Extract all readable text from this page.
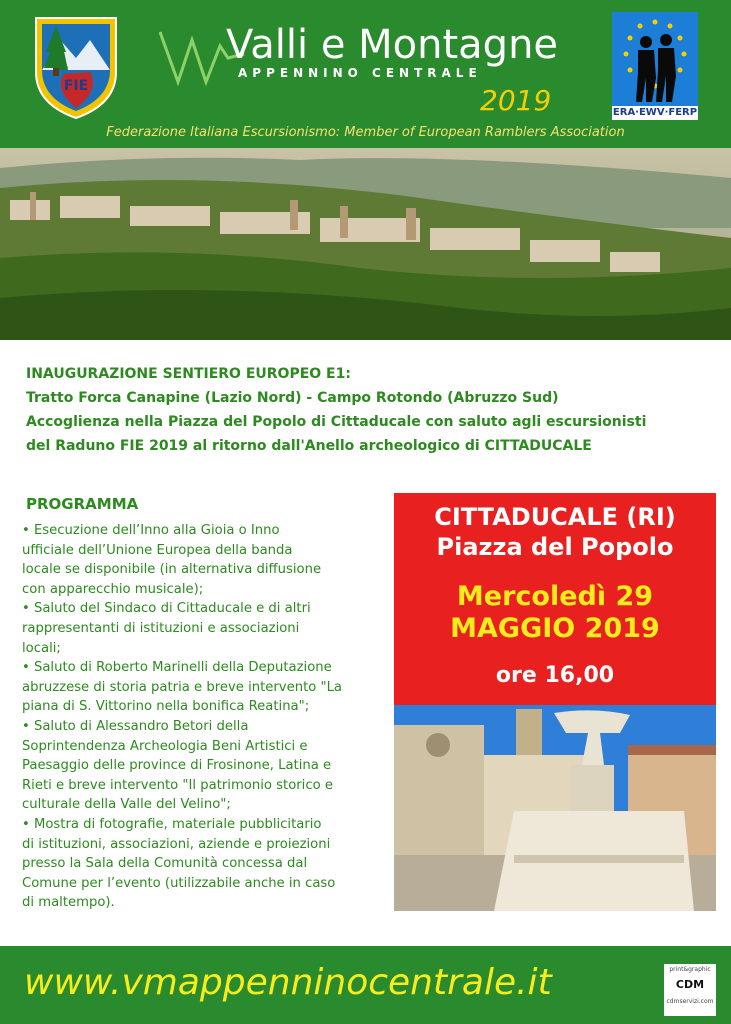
FIE
Valli e Montagne
APPENNINO CENTRALE
2019	ERA·EWV·FERP
Federazione Italiana Escursionismo: Member of European Ramblers Association
INAUGURAZIONE SENTIERO EUROPEO E1:
Tratto Forca Canapine (Lazio Nord) - Campo Rotondo (Abruzzo Sud)
Accoglienza nella Piazza del Popolo di Cittaducale con saluto agli escursionisti
del Raduno FIE 2019 al ritorno dall'Anello archeologico di CITTADUCALE
PROGRAMMA
• Esecuzione dell’Inno alla Gioia o Inno
ufficiale dell’Unione Europea della banda
locale se disponibile (in alternativa diffusione
con apparecchio musicale);
• Saluto del Sindaco di Cittaducale e di altri
rappresentanti di istituzioni e associazioni
locali;
• Saluto di Roberto Marinelli della Deputazione
abruzzese di storia patria e breve intervento "La
piana di S. Vittorino nella bonifica Reatina";
• Saluto di Alessandro Betori della
Soprintendenza Archeologia Beni Artistici e
Paesaggio delle province di Frosinone, Latina e
Rieti e breve intervento "Il patrimonio storico e
culturale della Valle del Velino";
• Mostra di fotografie, materiale pubblicitario
di istituzioni, associazioni, aziende e proiezioni
presso la Sala della Comunità concessa dal
Comune per l’evento (utilizzabile anche in caso
di maltempo).
CITTADUCALE (RI)
Piazza del Popolo
Mercoledì 29
MAGGIO 2019
ore 16,00
www.vmappenninocentrale.it	print&graphic
CDM
cdmservizi.com
